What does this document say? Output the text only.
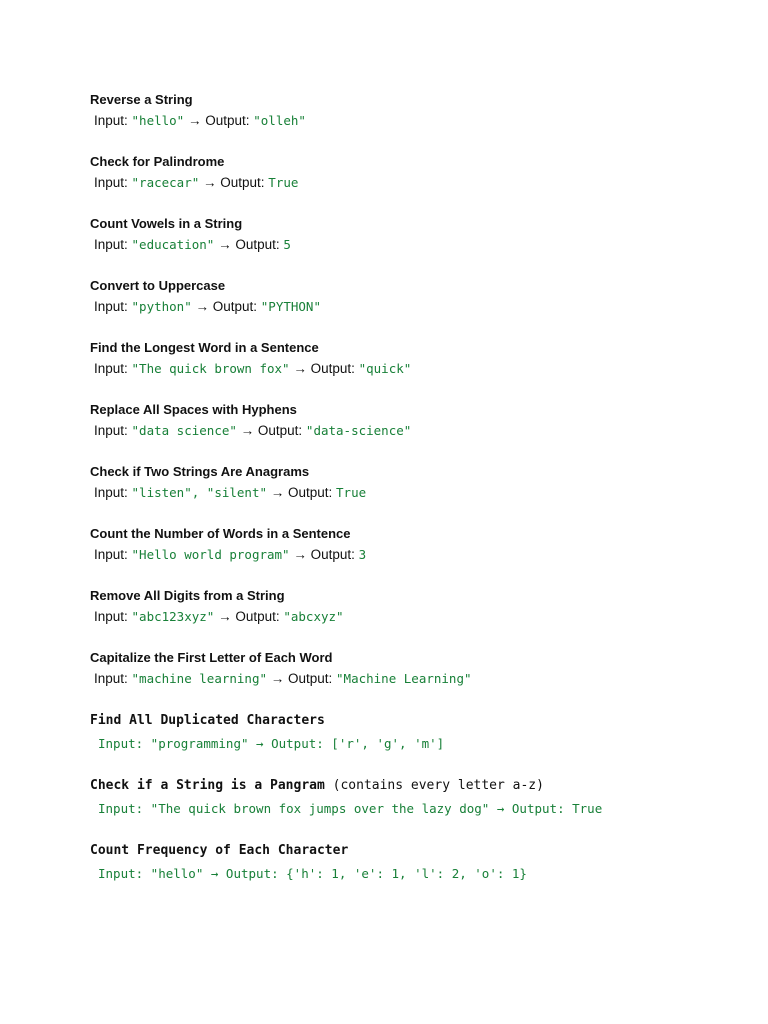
Reverse a String
Input: "hello" → Output: "olleh"
Check for Palindrome
Input: "racecar" → Output: True
Count Vowels in a String
Input: "education" → Output: 5
Convert to Uppercase
Input: "python" → Output: "PYTHON"
Find the Longest Word in a Sentence
Input: "The quick brown fox" → Output: "quick"
Replace All Spaces with Hyphens
Input: "data science" → Output: "data-science"
Check if Two Strings Are Anagrams
Input: "listen", "silent" → Output: True
Count the Number of Words in a Sentence
Input: "Hello world program" → Output: 3
Remove All Digits from a String
Input: "abc123xyz" → Output: "abcxyz"
Capitalize the First Letter of Each Word
Input: "machine learning" → Output: "Machine Learning"
Find All Duplicated Characters
Input: "programming" → Output: ['r', 'g', 'm']
Check if a String is a Pangram (contains every letter a-z)
Input: "The quick brown fox jumps over the lazy dog" → Output: True
Count Frequency of Each Character
Input: "hello" → Output: {'h': 1, 'e': 1, 'l': 2, 'o': 1}
